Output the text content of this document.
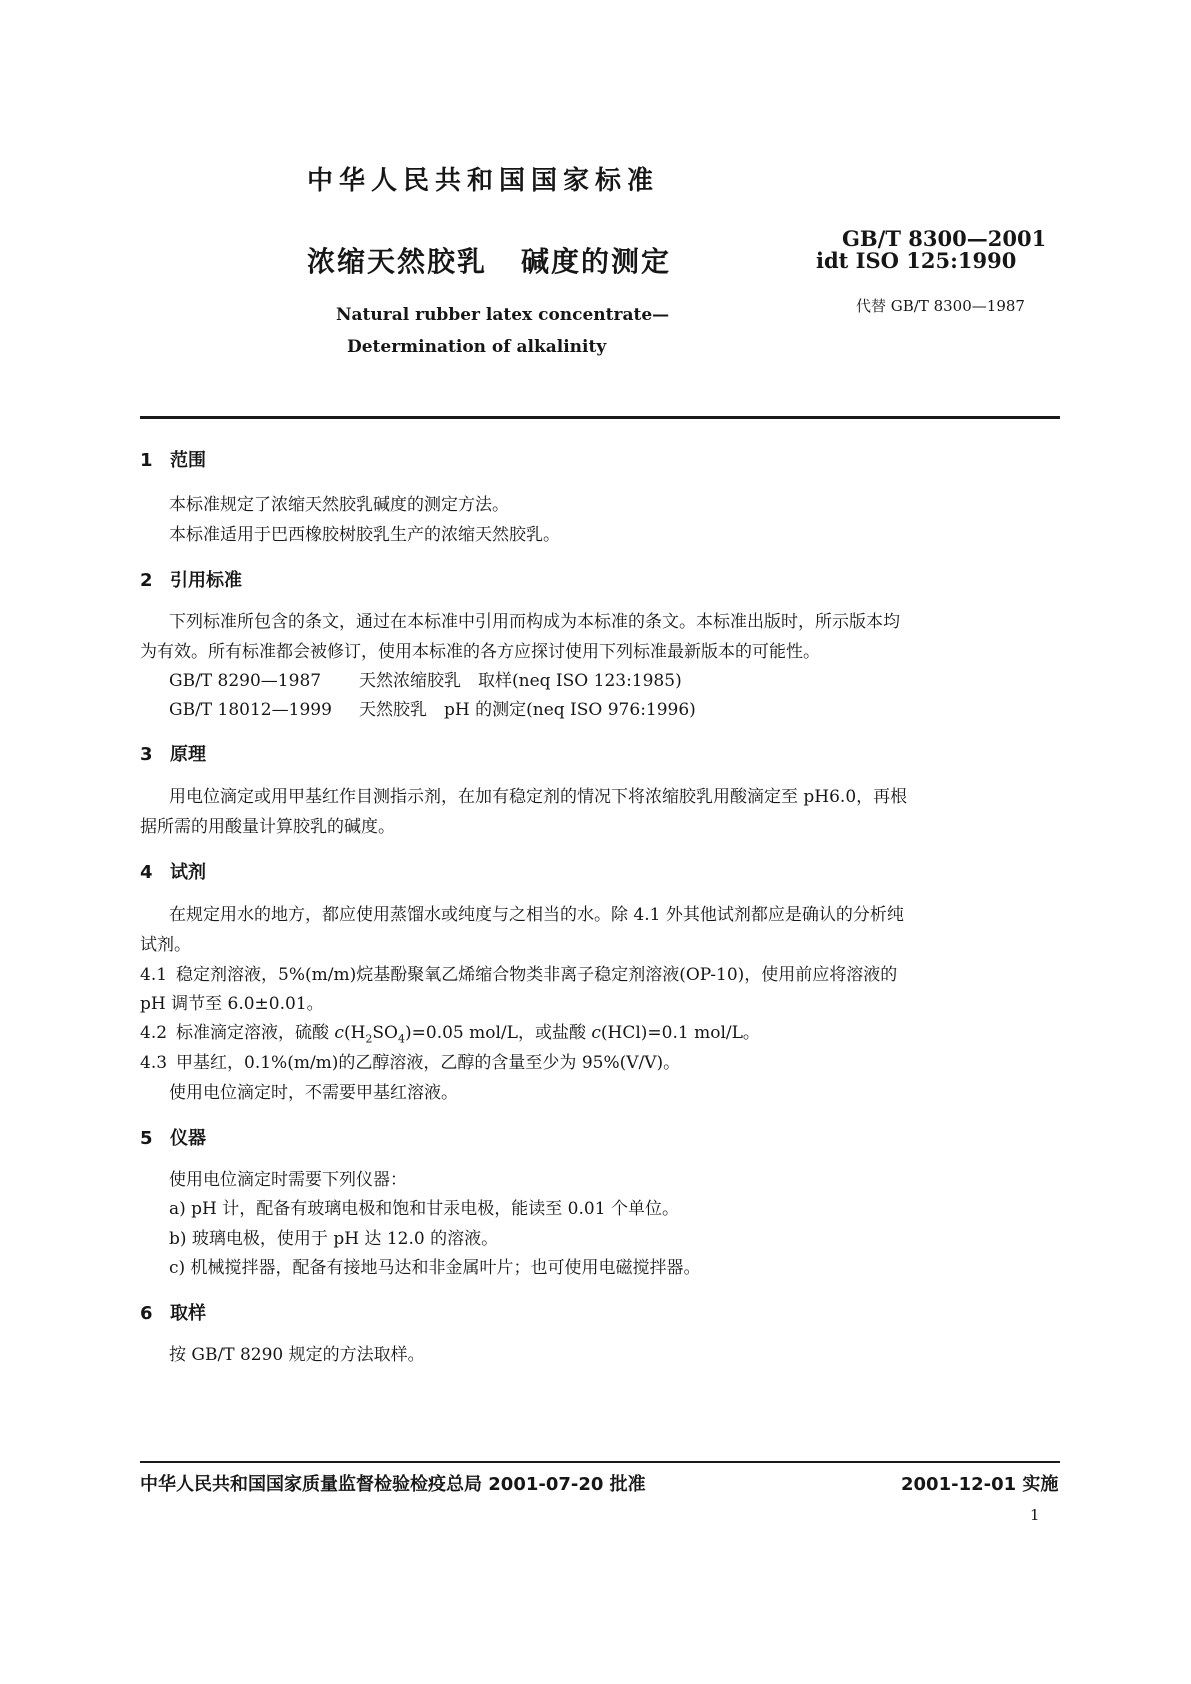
中华人民共和国国家标准
浓缩天然胶乳 碱度的测定
Natural rubber latex concentrate—
Determination of alkalinity
GB/T 8300—2001
idt ISO 125:1990
代替 GB/T 8300—1987
1 范围
本标准规定了浓缩天然胶乳碱度的测定方法。
本标准适用于巴西橡胶树胶乳生产的浓缩天然胶乳。
2 引用标准
下列标准所包含的条文，通过在本标准中引用而构成为本标准的条文。本标准出版时，所示版本均
为有效。所有标准都会被修订，使用本标准的各方应探讨使用下列标准最新版本的可能性。
GB/T 8290—1987 天然浓缩胶乳　取样(neq ISO 123:1985)
GB/T 18012—1999 天然胶乳　pH 的测定(neq ISO 976:1996)
3 原理
用电位滴定或用甲基红作目测指示剂，在加有稳定剂的情况下将浓缩胶乳用酸滴定至 pH6.0，再根
据所需的用酸量计算胶乳的碱度。
4 试剂
在规定用水的地方，都应使用蒸馏水或纯度与之相当的水。除 4.1 外其他试剂都应是确认的分析纯
试剂。
4.1 稳定剂溶液，5%(m/m)烷基酚聚氧乙烯缩合物类非离子稳定剂溶液(OP-10)，使用前应将溶液的
pH 调节至 6.0±0.01。
4.2 标准滴定溶液，硫酸 $c(H_2SO_4)=0.05$ mol/L，或盐酸 c(HCl)=0.1 mol/L。
4.3 甲基红，0.1%(m/m)的乙醇溶液，乙醇的含量至少为 95%(V/V)。
使用电位滴定时，不需要甲基红溶液。
5 仪器
使用电位滴定时需要下列仪器：
a) pH 计，配备有玻璃电极和饱和甘汞电极，能读至 0.01 个单位。
b) 玻璃电极，使用于 pH 达 12.0 的溶液。
c) 机械搅拌器，配备有接地马达和非金属叶片；也可使用电磁搅拌器。
6 取样
按 GB/T 8290 规定的方法取样。
中华人民共和国国家质量监督检验检疫总局 2001-07-20 批准	2001-12-01 实施
1
